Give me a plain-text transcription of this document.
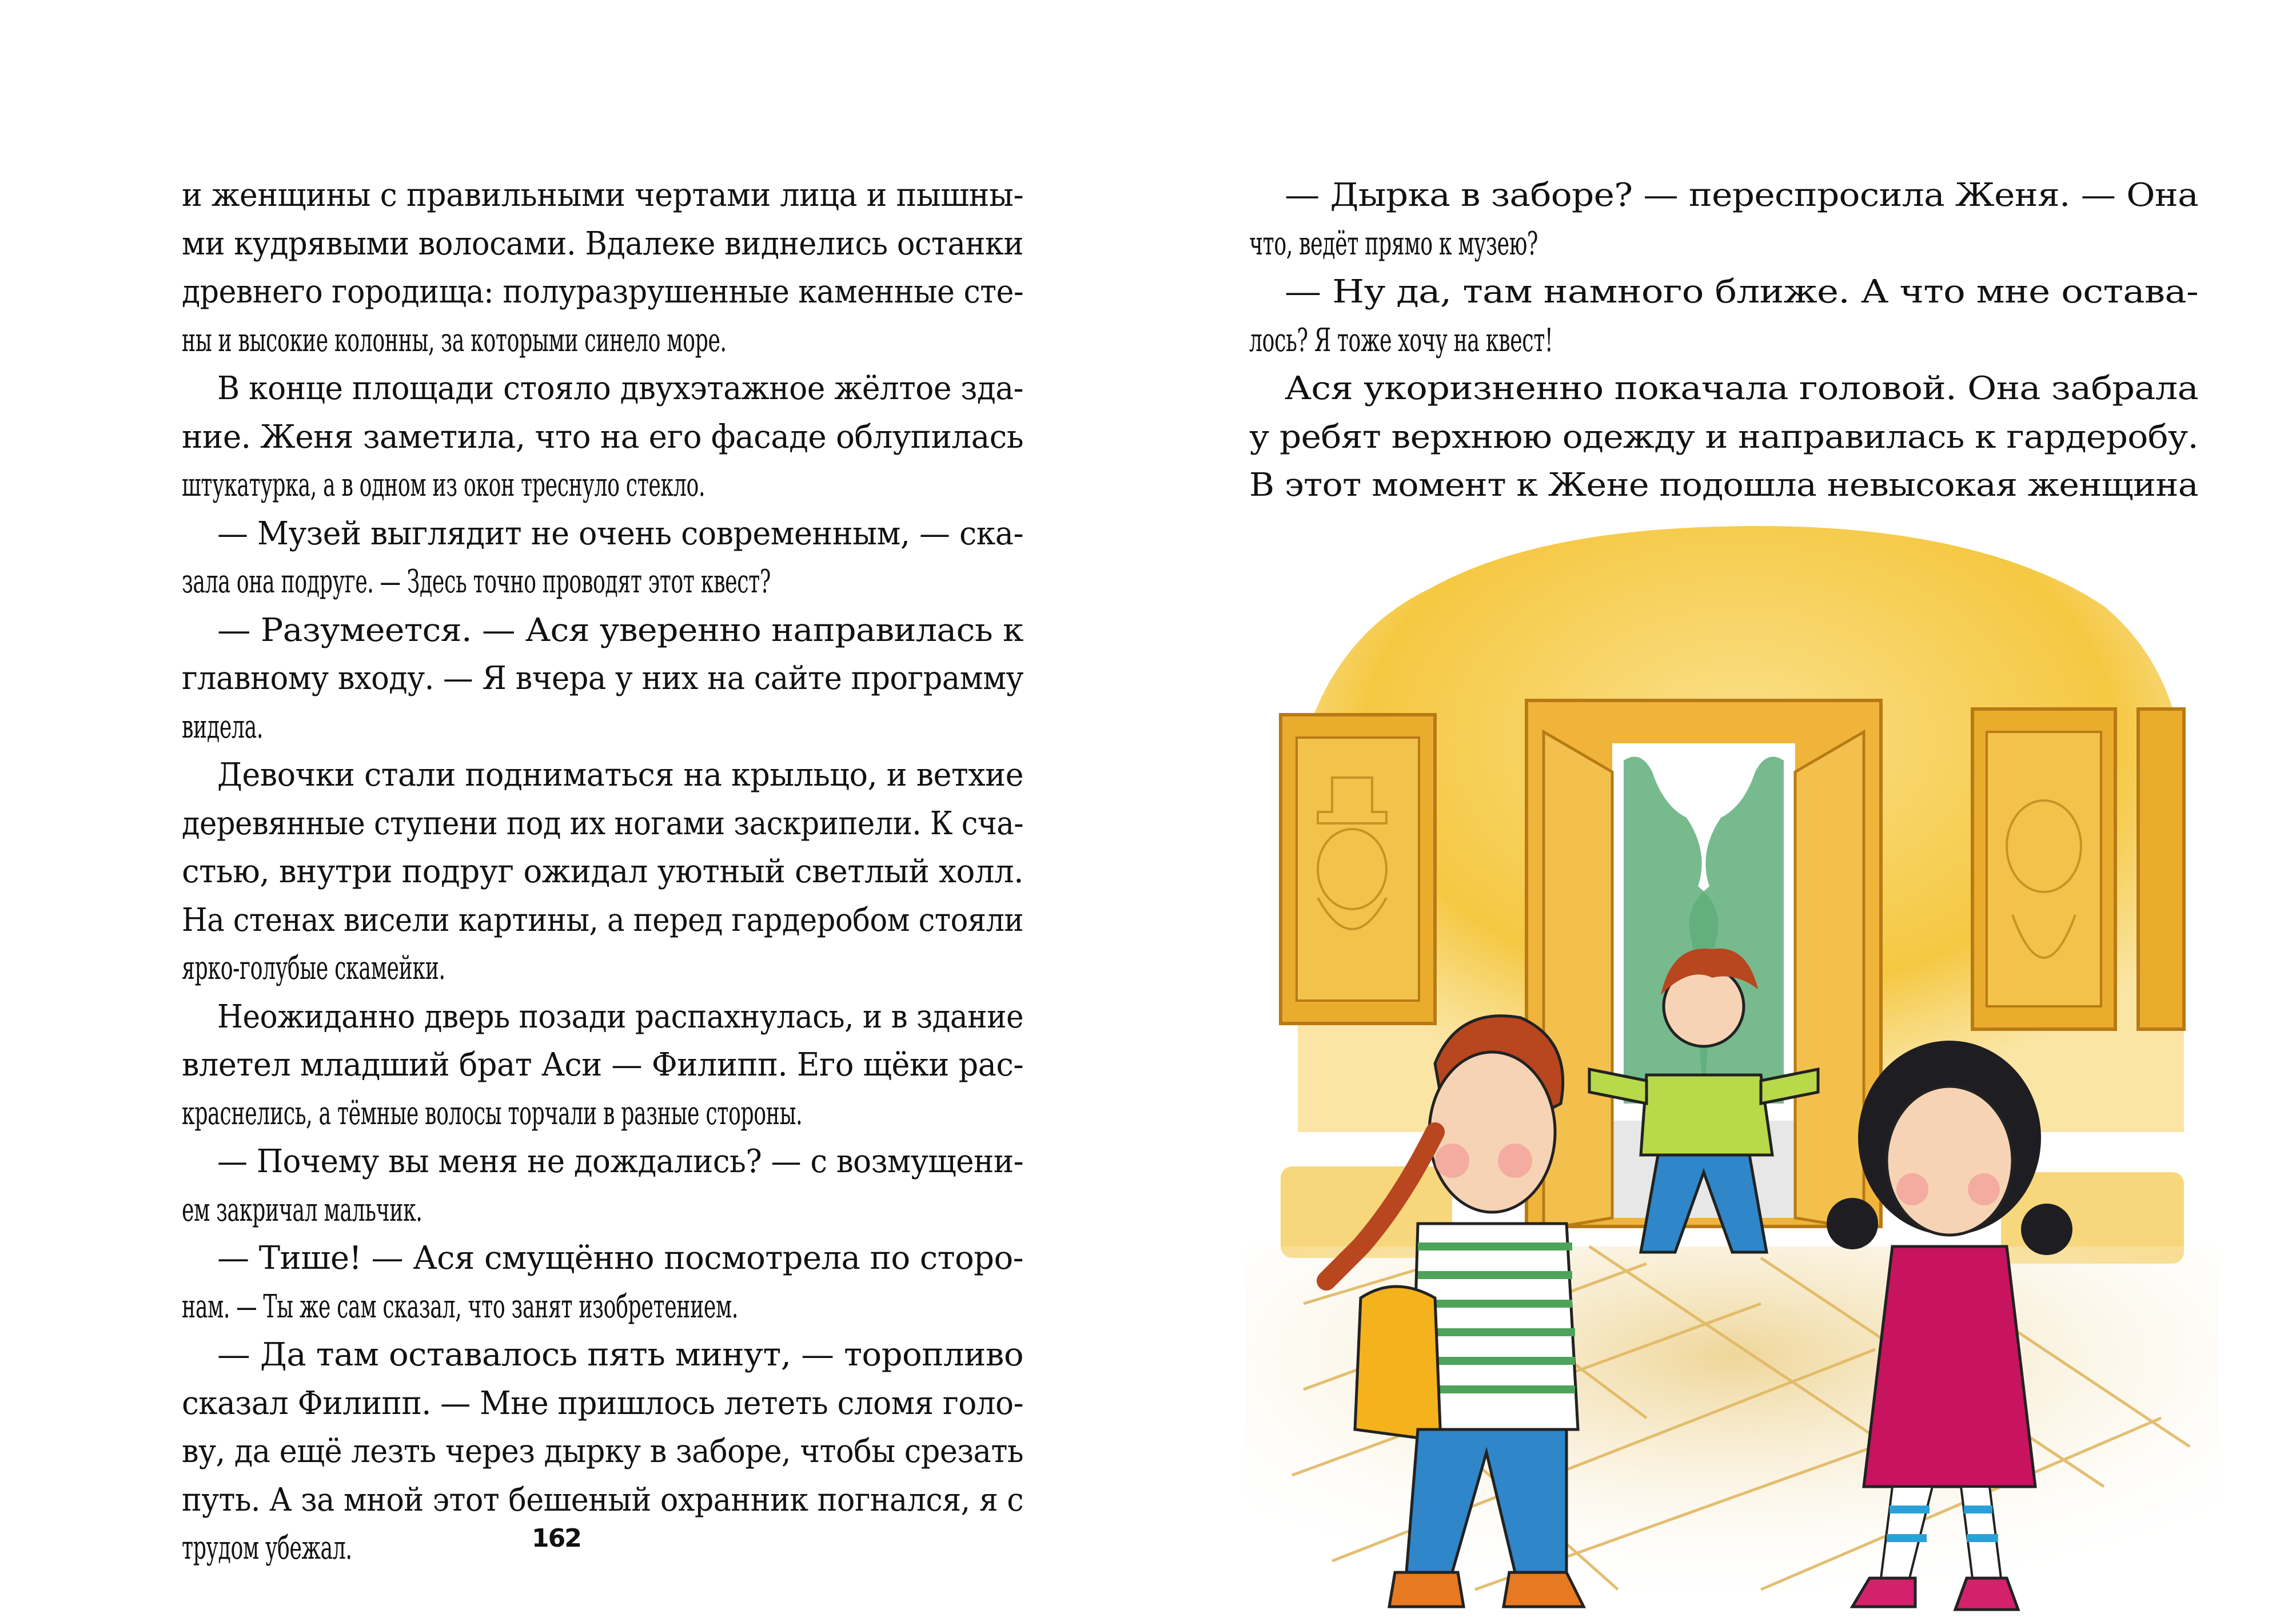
и женщины с правильными чертами лица и пышны-
ми кудрявыми волосами. Вдалеке виднелись останки
древнего городища: полуразрушенные каменные сте-
ны и высокие колонны, за которыми синело море.
В конце площади стояло двухэтажное жёлтое зда-
ние. Женя заметила, что на его фасаде облупилась
штукатурка, а в одном из окон треснуло стекло.
— Музей выглядит не очень современным, — ска-
зала она подруге. — Здесь точно проводят этот квест?
— Разумеется. — Ася уверенно направилась к
главному входу. — Я вчера у них на сайте программу
видела.
Девочки стали подниматься на крыльцо, и ветхие
деревянные ступени под их ногами заскрипели. К сча-
стью, внутри подруг ожидал уютный светлый холл.
На стенах висели картины, а перед гардеробом стояли
ярко-голубые скамейки.
Неожиданно дверь позади распахнулась, и в здание
влетел младший брат Аси — Филипп. Его щёки рас-
краснелись, а тёмные волосы торчали в разные стороны.
— Почему вы меня не дождались? — с возмущени-
ем закричал мальчик.
— Тише! — Ася смущённо посмотрела по сторо-
нам. — Ты же сам сказал, что занят изобретением.
— Да там оставалось пять минут, — торопливо
сказал Филипп. — Мне пришлось лететь сломя голо-
ву, да ещё лезть через дырку в заборе, чтобы срезать
путь. А за мной этот бешеный охранник погнался, я с
трудом убежал.	162
— Дырка в заборе? — переспросила Женя. — Она
что, ведёт прямо к музею?
— Ну да, там намного ближе. А что мне остава-
лось? Я тоже хочу на квест!
Ася укоризненно покачала головой. Она забрала
у ребят верхнюю одежду и направилась к гардеробу.
В этот момент к Жене подошла невысокая женщина
